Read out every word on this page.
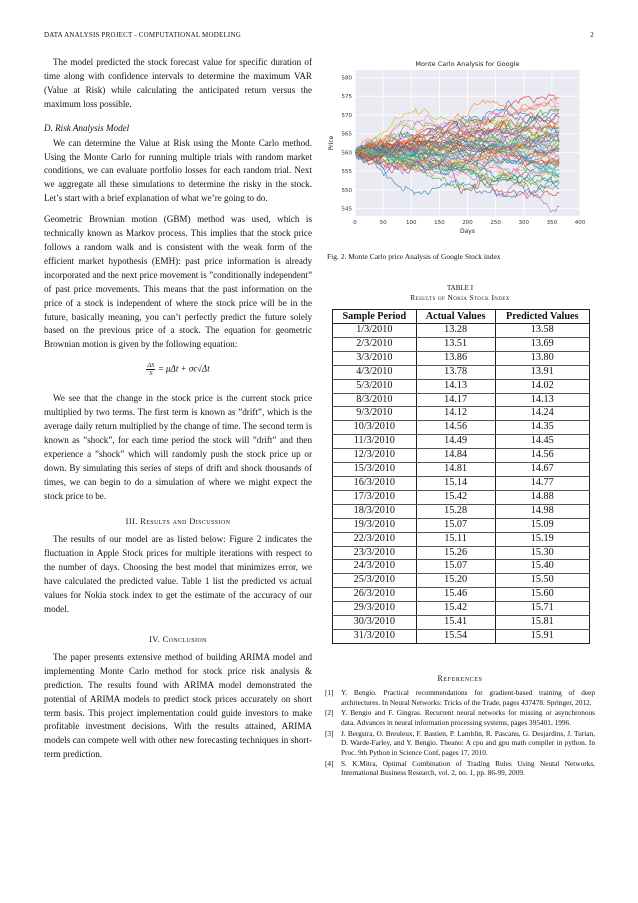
DATA ANALYSIS PROJECT - COMPUTATIONAL MODELING	2

The model predicted the stock forecast value for specific duration of time along with confidence intervals to determine the maximum VAR (Value at Risk) while calculating the anticipated return versus the maximum loss possible.

D. Risk Analysis Model

We can determine the Value at Risk using the Monte Carlo method. Using the Monte Carlo for running multiple trials with random market conditions, we can evaluate portfolio losses for each random trial. Next we aggregate all these simulations to determine the risky in the stock. Let’s start with a brief explanation of what we’re going to do.

Geometric Brownian motion (GBM) method was used, which is technically known as Markov process. This implies that the stock price follows a random walk and is consistent with the weak form of the efficient market hypothesis (EMH): past price information is already incorporated and the next price movement is ”conditionally independent” of past price movements. This means that the past information on the price of a stock is independent of where the stock price will be in the future, basically meaning, you can’t perfectly predict the future solely based on the previous price of a stock. The equation for geometric Brownian motion is given by the following equation:

$\frac{\Delta S}{S} = \mu\Delta t + \sigma\epsilon√\Delta t$

We see that the change in the stock price is the current stock price multiplied by two terms. The first term is known as ”drift”, which is the average daily return multiplied by the change of time. The second term is known as ”shock”, for each time period the stock will ”drift” and then experience a ”shock” which will randomly push the stock price up or down. By simulating this series of steps of drift and shock thousands of times, we can begin to do a simulation of where we might expect the stock price to be.

III. Results and Discussion

The results of our model are as listed below: Figure 2 indicates the fluctuation in Apple Stock prices for multiple iterations with respect to the number of days. Choosing the best model that minimizes error, we have calculated the predicted value. Table 1 list the predicted vs actual values for Nokia stock index to get the estimate of the accuracy of our model.

IV. Conclusion

The paper presents extensive method of building ARIMA model and implementing Monte Carlo method for stock price risk analysis & prediction. The results found with ARIMA model demonstrated the potential of ARIMA models to predict stock prices accurately on short term basis. This project implementation could guide investors to make profitable investment decisions. With the results attained, ARIMA models can compete well with other new forecasting techniques in short-term prediction.

0	50	100	150	200	250	300	350	400
545
550
555
560
565
570
575
580
Monte Carlo Analysis for Google
Days
Price
Fig. 2. Monte Carlo price Analysis of Google Stock index
TABLE I
Results of Nokia Stock Index
Sample Period	Actual Values	Predicted Values
1/3/2010	13.28	13.58
2/3/2010	13.51	13.69
3/3/2010	13.86	13.80
4/3/2010	13.78	13.91
5/3/2010	14.13	14.02
8/3/2010	14.17	14.13
9/3/2010	14.12	14.24
10/3/2010	14.56	14.35
11/3/2010	14.49	14.45
12/3/2010	14.84	14.56
15/3/2010	14.81	14.67
16/3/2010	15.14	14.77
17/3/2010	15.42	14.88
18/3/2010	15.28	14.98
19/3/2010	15.07	15.09
22/3/2010	15.11	15.19
23/3/2010	15.26	15.30
24/3/2010	15.07	15.40
25/3/2010	15.20	15.50
26/3/2010	15.46	15.60
29/3/2010	15.42	15.71
30/3/2010	15.41	15.81
31/3/2010	15.54	15.91
References
[1]	Y. Bengio. Practical recommendations for gradient-based training of deep architectures. In Neural Networks: Tricks of the Trade, pages 437478. Springer, 2012.
[2]	Y. Bengio and F. Gingras. Recurrent neural networks for missing or asynchronous data. Advances in neural information processing systems, pages 395401, 1996.
[3]	J. Bergstra, O. Breuleux, F. Bastien, P. Lamblin, R. Pascanu, G. Desjardins, J. Turian, D. Warde-Farley, and Y. Bengio. Theano: A cpu and gpu math compiler in python. In Proc. 9th Python in Science Conf, pages 17, 2010.
[4]	S. K.Mitra, Optimal Combination of Trading Rules Using Neutal Networks, International Business Research, vol. 2, no. 1, pp. 86-99, 2009.
